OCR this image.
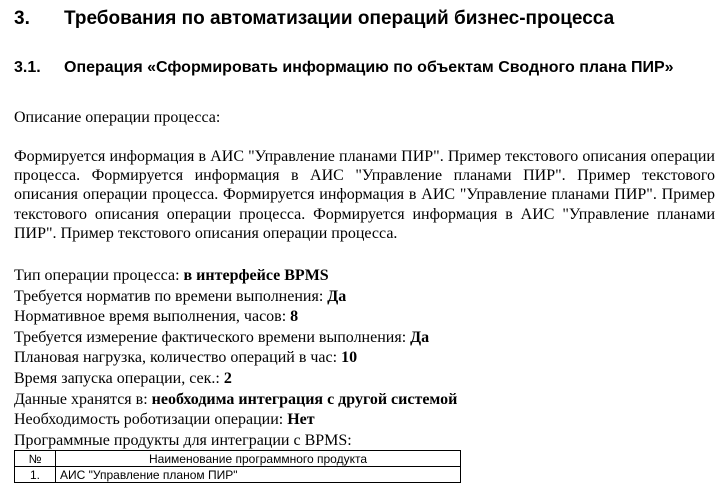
3. Требования по автоматизации операций бизнес-процесса
3.1. Операция «Сформировать информацию по объектам Сводного плана ПИР»
Описание операции процесса:
Формируется информация в АИС "Управление планами ПИР". Пример текстового описания операции процесса. Формируется информация в АИС "Управление планами ПИР". Пример текстового описания операции процесса. Формируется информация в АИС "Управление планами ПИР". Пример текстового описания операции процесса. Формируется информация в АИС "Управление планами ПИР". Пример текстового описания операции процесса.
Тип операции процесса: в интерфейсе BPMS
Требуется норматив по времени выполнения: Да
Нормативное время выполнения, часов: 8
Требуется измерение фактического времени выполнения: Да
Плановая нагрузка, количество операций в час: 10
Время запуска операции, сек.: 2
Данные хранятся в: необходима интеграция с другой системой
Необходимость роботизации операции: Нет
Программные продукты для интеграции с BPMS:
№	Наименование программного продукта
1.	АИС "Управление планом ПИР"
